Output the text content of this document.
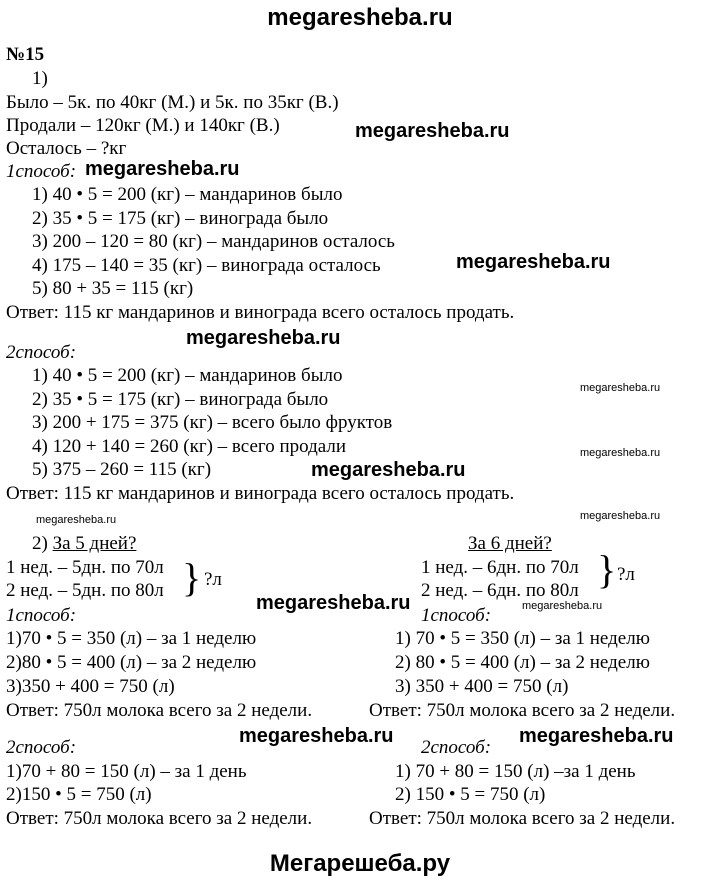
megaresheba.ru
megaresheba.ru
megaresheba.ru
megaresheba.ru
megaresheba.ru
megaresheba.ru
megaresheba.ru
megaresheba.ru
megaresheba.ru
megaresheba.ru
megaresheba.ru	megaresheba.ru
megaresheba.ru	megaresheba.ru
Мегарешеба.ру
№15
1)
Было – 5к. по 40кг (М.) и 5к. по 35кг (В.)
Продали – 120кг (М.) и 140кг (В.)
Осталось – ?кг
1способ:
1) 40 • 5 = 200 (кг) – мандаринов было
2) 35 • 5 = 175 (кг) – винограда было
3) 200 – 120 = 80 (кг) – мандаринов осталось
4) 175 – 140 = 35 (кг) – винограда осталось
5) 80 + 35 = 115 (кг)
Ответ: 115 кг мандаринов и винограда всего осталось продать.
2способ:
1) 40 • 5 = 200 (кг) – мандаринов было
2) 35 • 5 = 175 (кг) – винограда было
3) 200 + 175 = 375 (кг) – всего было фруктов
4) 120 + 140 = 260 (кг) – всего продали
5) 375 – 260 = 115 (кг)
Ответ: 115 кг мандаринов и винограда всего осталось продать.
2) За 5 дней?
1 нед. – 5дн. по 70л
2 нед. – 5дн. по 80л } ?л
1способ:
1)70 • 5 = 350 (л) – за 1 неделю
2)80 • 5 = 400 (л) – за 2 неделю
3)350 + 400 = 750 (л)
Ответ: 750л молока всего за 2 недели.
2способ:
1)70 + 80 = 150 (л) – за 1 день
2)150 • 5 = 750 (л)
Ответ: 750л молока всего за 2 недели.
За 6 дней?
1 нед. – 6дн. по 70л
2 нед. – 6дн. по 80л } ?л
1способ:
1) 70 • 5 = 350 (л) – за 1 неделю
2) 80 • 5 = 400 (л) – за 2 неделю
3) 350 + 400 = 750 (л)
Ответ: 750л молока всего за 2 недели.
2способ:
1) 70 + 80 = 150 (л) –за 1 день
2) 150 • 5 = 750 (л)
Ответ: 750л молока всего за 2 недели.
